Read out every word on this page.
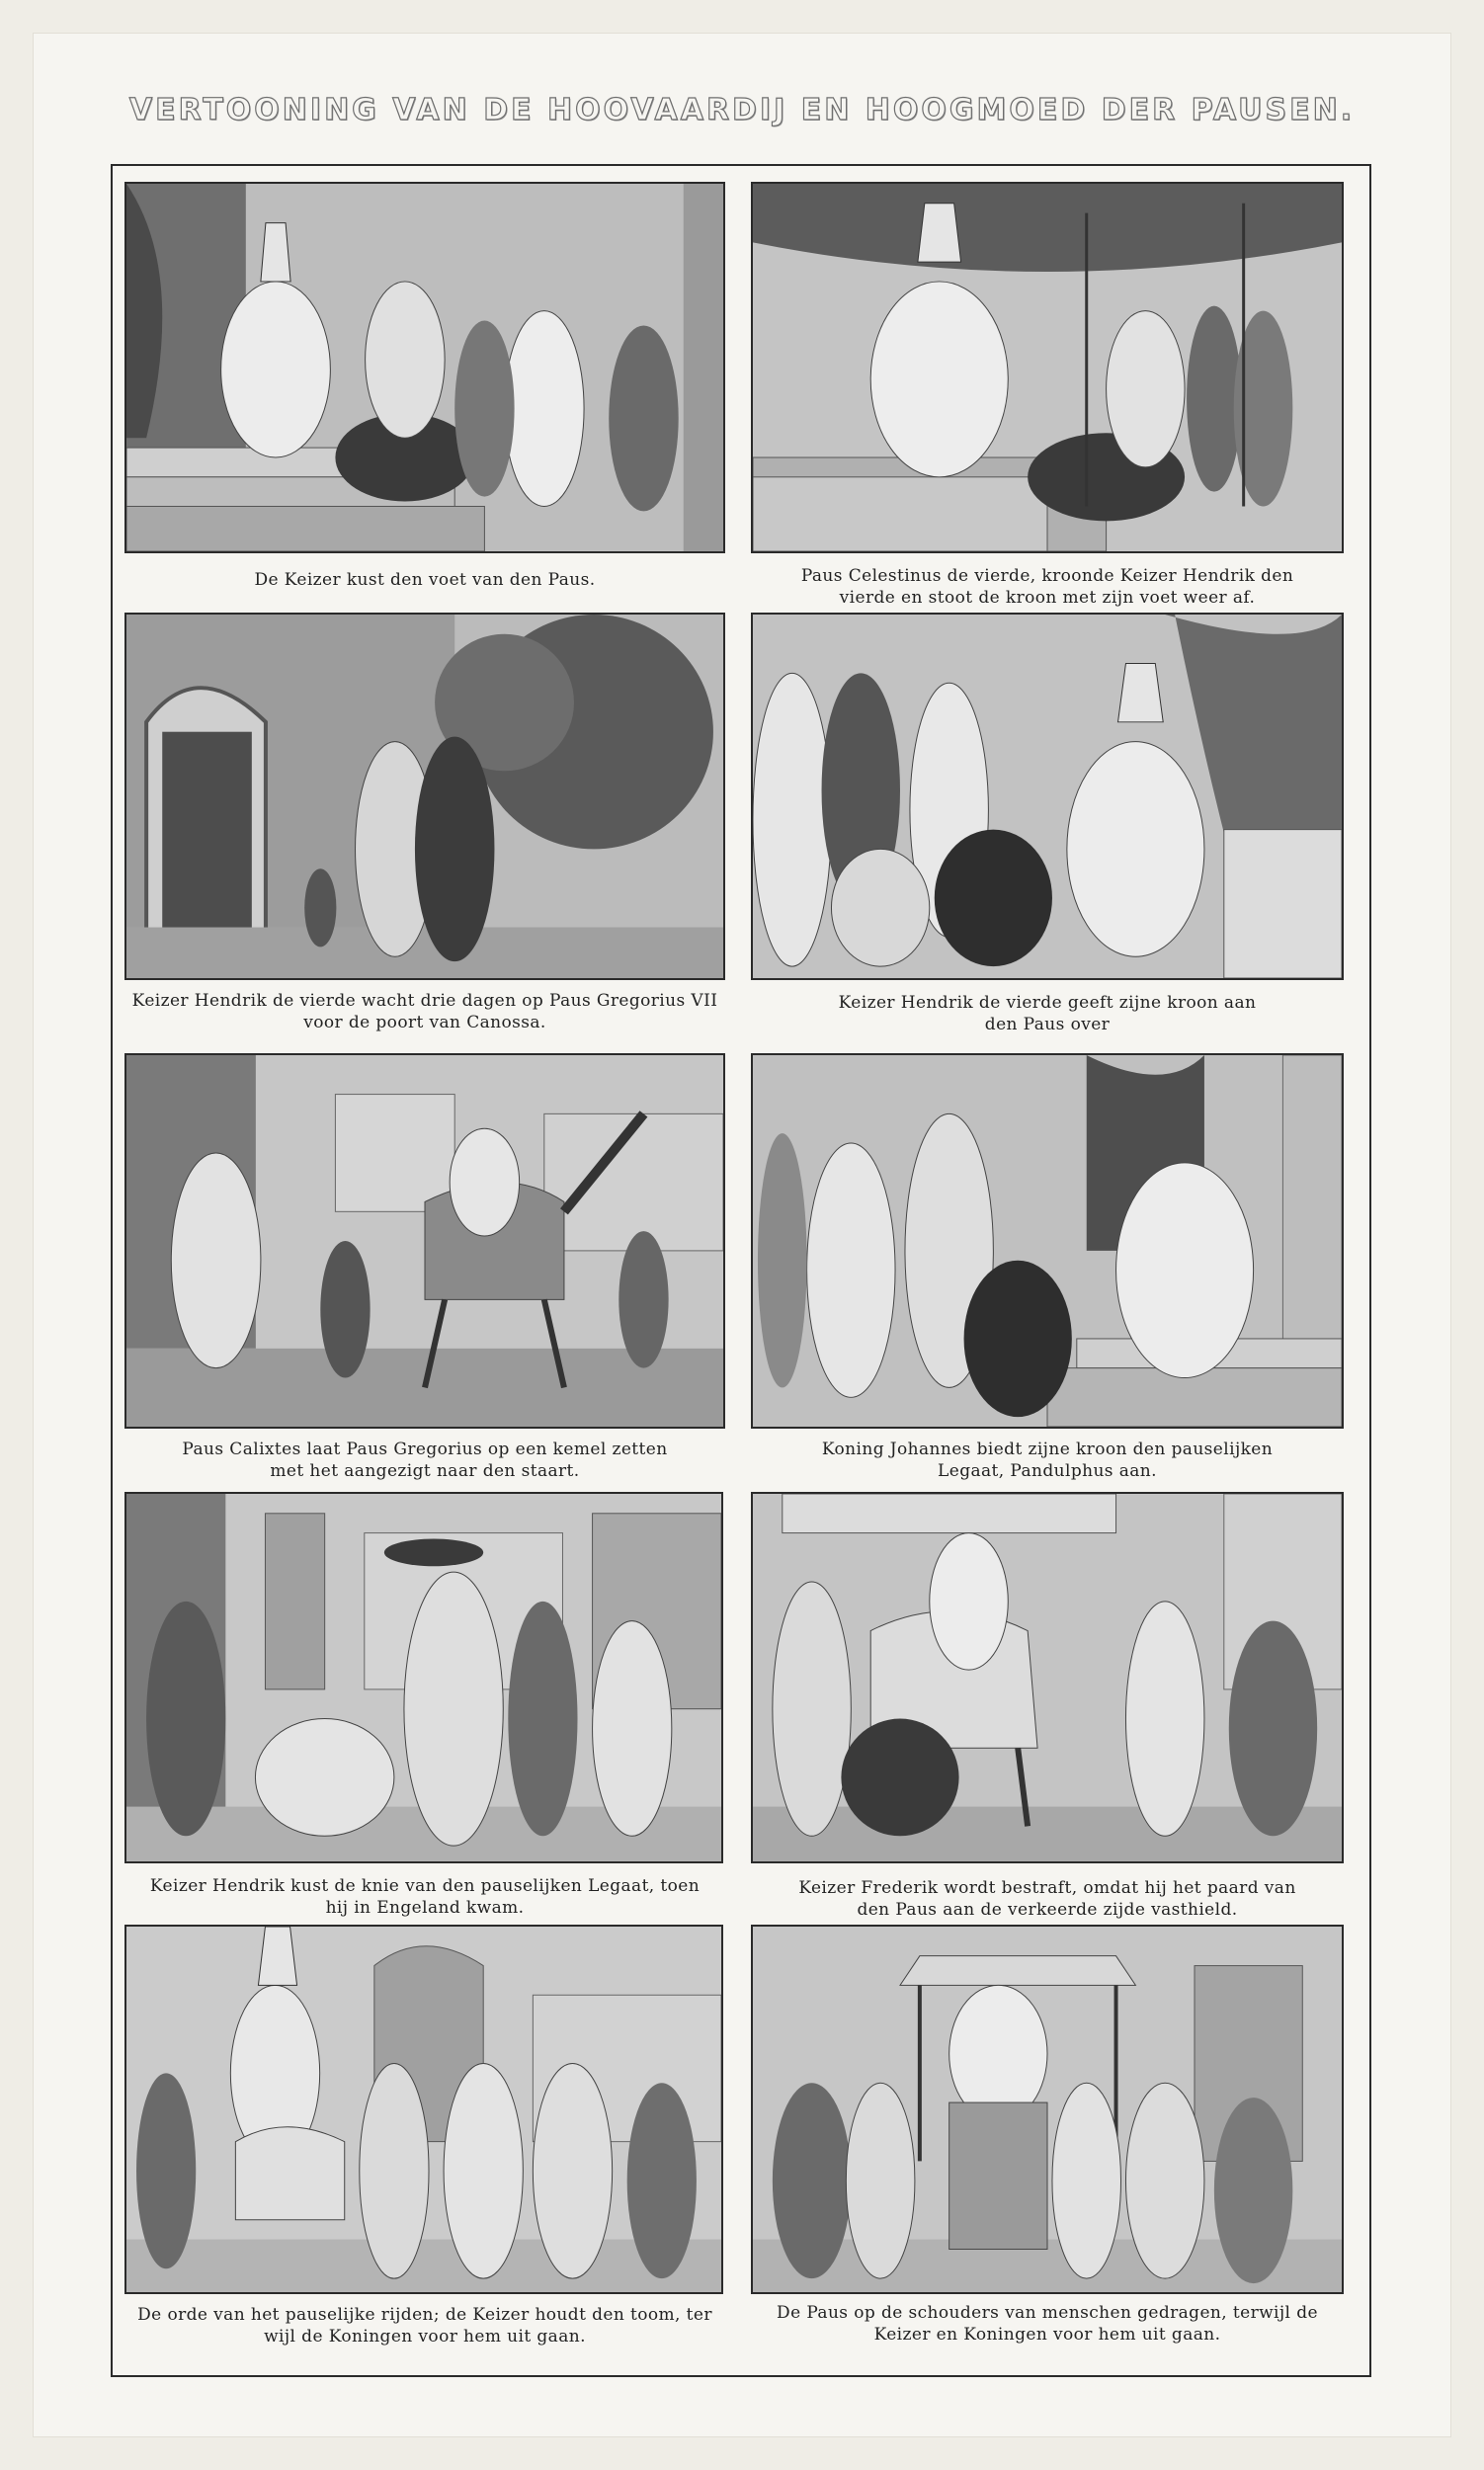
VERTOONING VAN DE HOOVAARDIJ EN HOOGMOED DER PAUSEN.
De Keizer kust den voet van den Paus.	Paus Celestinus de vierde, kroonde Keizer Hendrik den
vierde en stoot de kroon met zijn voet weer af.
Keizer Hendrik de vierde wacht drie dagen op Paus Gregorius VII
voor de poort van Canossa.
Keizer Hendrik de vierde geeft zijne kroon aan
den Paus over
Paus Calixtes laat Paus Gregorius op een kemel zetten
met het aangezigt naar den staart.
Koning Johannes biedt zijne kroon den pauselijken
Legaat, Pandulphus aan.
Keizer Hendrik kust de knie van den pauselijken Legaat, toen
hij in Engeland kwam.
Keizer Frederik wordt bestraft, omdat hij het paard van
den Paus aan de verkeerde zijde vasthield.
De orde van het pauselijke rijden; de Keizer houdt den toom, ter
wijl de Koningen voor hem uit gaan.
De Paus op de schouders van menschen gedragen, terwijl de
Keizer en Koningen voor hem uit gaan.
